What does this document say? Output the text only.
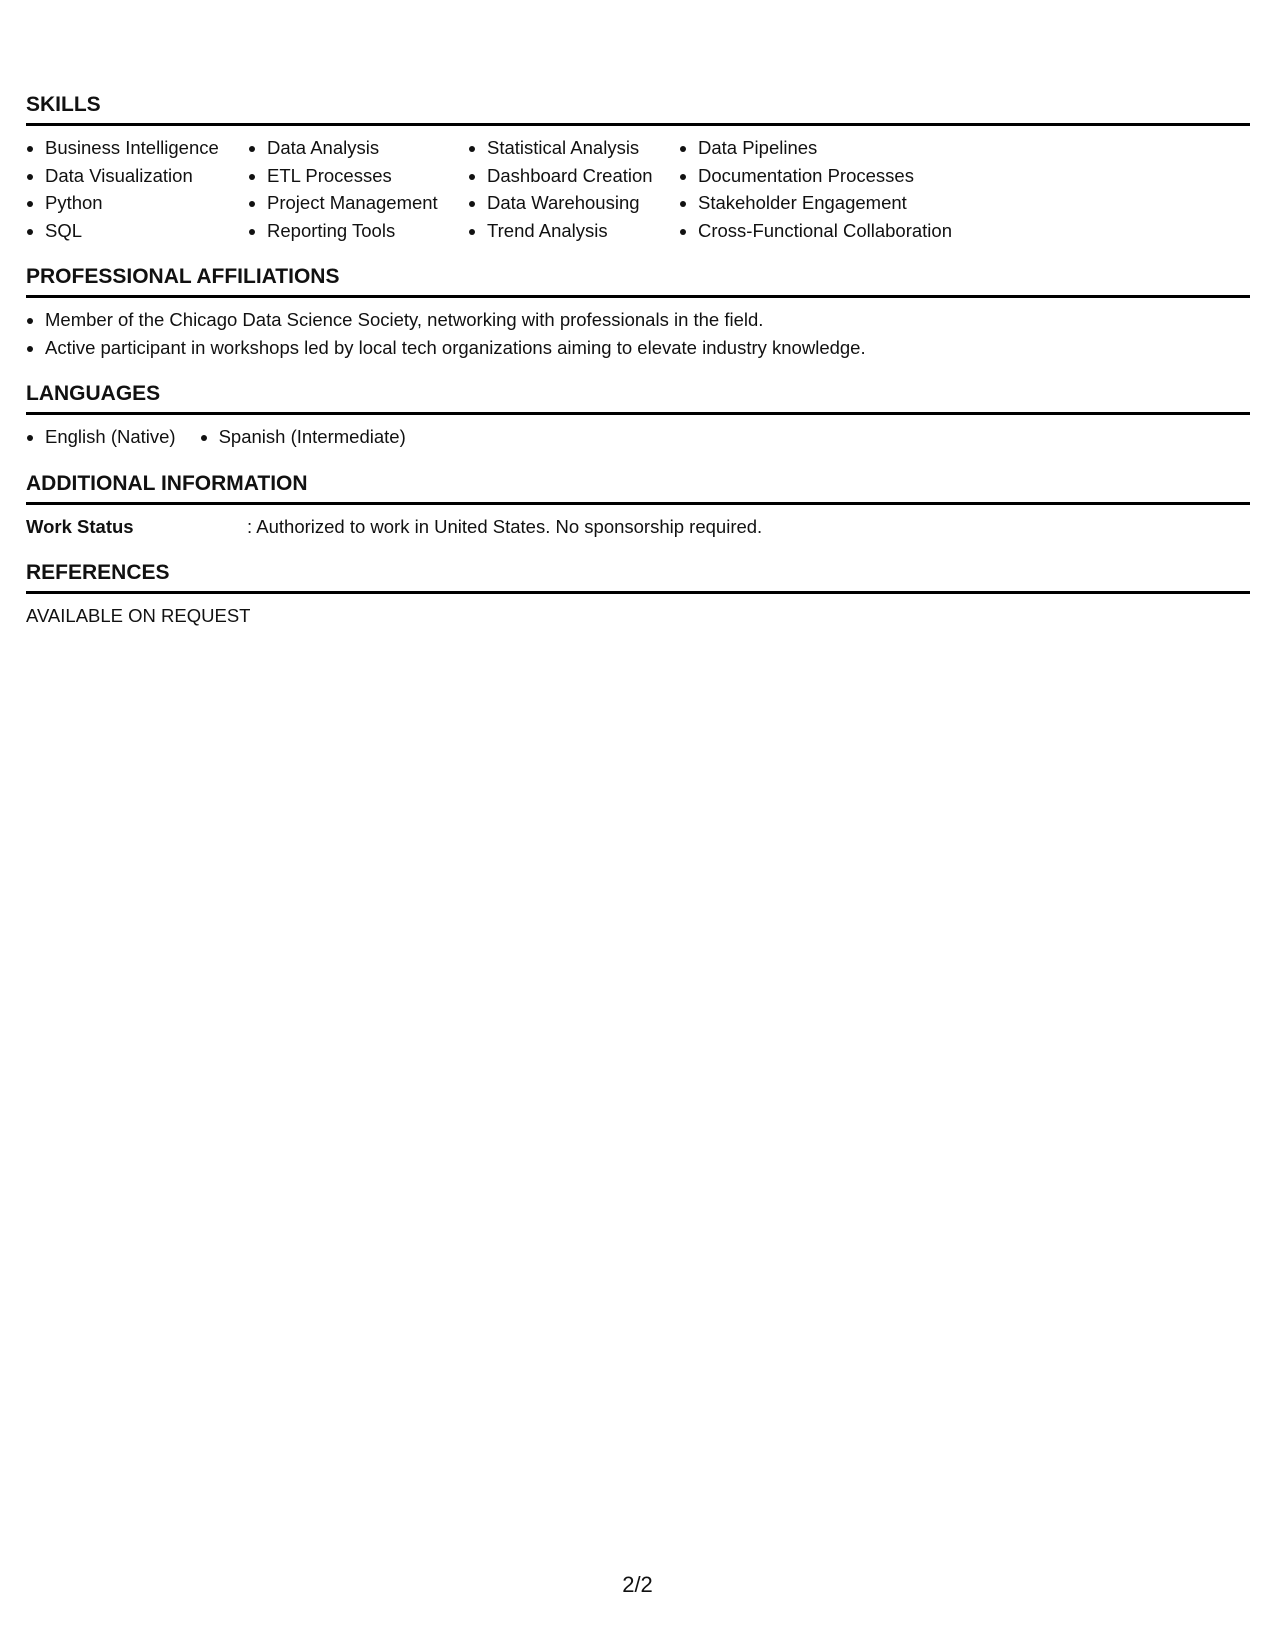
SKILLS
Business Intelligence
Data Visualization
Python
SQL
Data Analysis
ETL Processes
Project Management
Reporting Tools
Statistical Analysis
Dashboard Creation
Data Warehousing
Trend Analysis
Data Pipelines
Documentation Processes
Stakeholder Engagement
Cross-Functional Collaboration
PROFESSIONAL AFFILIATIONS
Member of the Chicago Data Science Society, networking with professionals in the field.
Active participant in workshops led by local tech organizations aiming to elevate industry knowledge.
LANGUAGES
English (Native)	Spanish (Intermediate)
ADDITIONAL INFORMATION
Work Status	: Authorized to work in United States. No sponsorship required.
REFERENCES

AVAILABLE ON REQUEST

2/2
